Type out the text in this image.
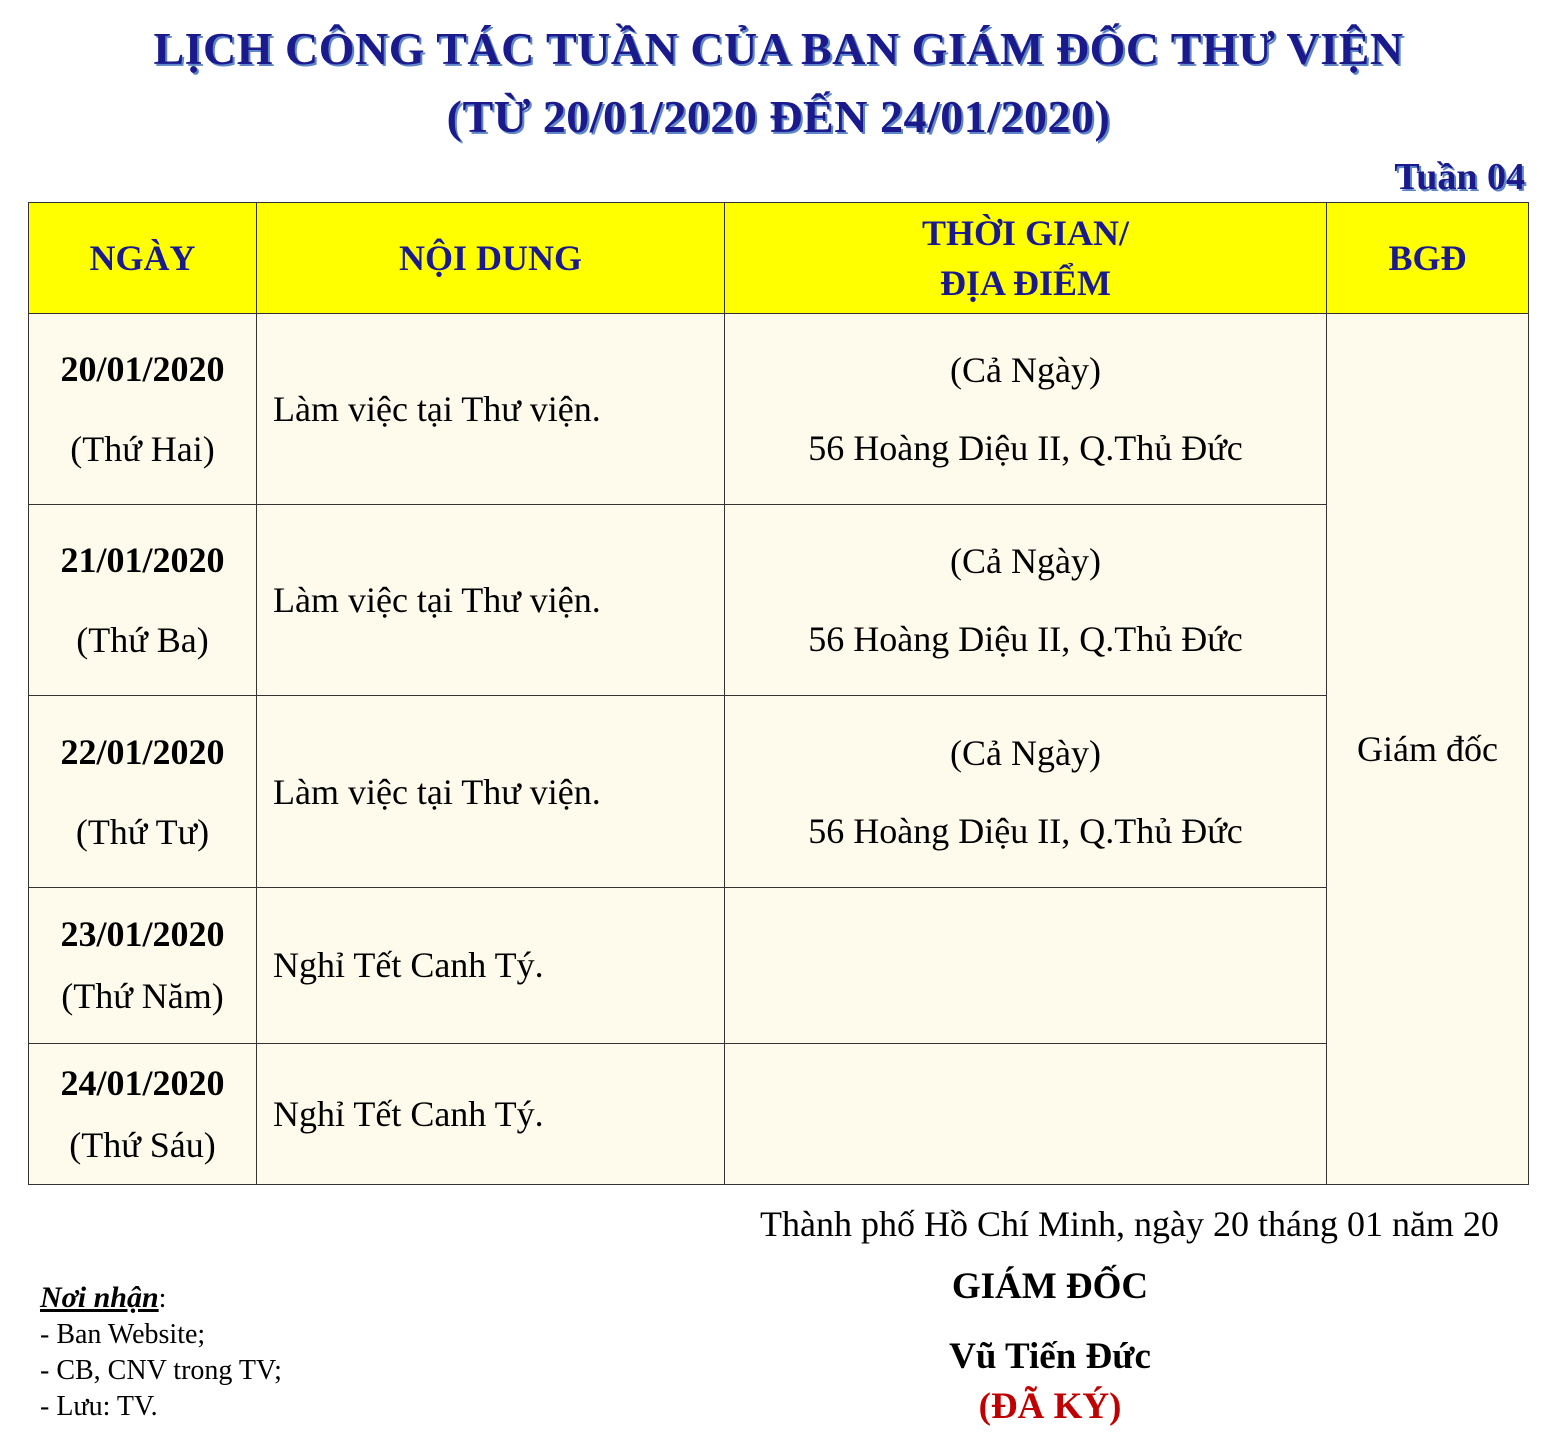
LỊCH CÔNG TÁC TUẦN CỦA BAN GIÁM ĐỐC THƯ VIỆN
(TỪ 20/01/2020 ĐẾN 24/01/2020)
Tuần 04
NGÀY	NỘI DUNG	THỜI GIAN/
ĐỊA ĐIỂM	BGĐ

20/01/2020
(Thứ Hai)	Làm việc tại Thư viện.	(Cả Ngày)
56 Hoàng Diệu II, Q.Thủ Đức	Giám đốc

21/01/2020
(Thứ Ba)	Làm việc tại Thư viện.	(Cả Ngày)
56 Hoàng Diệu II, Q.Thủ Đức	

22/01/2020
(Thứ Tư)	Làm việc tại Thư viện.	(Cả Ngày)
56 Hoàng Diệu II, Q.Thủ Đức	

23/01/2020
(Thứ Năm)	Nghỉ Tết Canh Tý.		

24/01/2020
(Thứ Sáu)	Nghỉ Tết Canh Tý.		
Thành phố Hồ Chí Minh, ngày 20 tháng 01 năm 20
GIÁM ĐỐC
Vũ Tiến Đức
(ĐÃ KÝ)
Nơi nhận:
- Ban Website;
- CB, CNV trong TV;
- Lưu: TV.
